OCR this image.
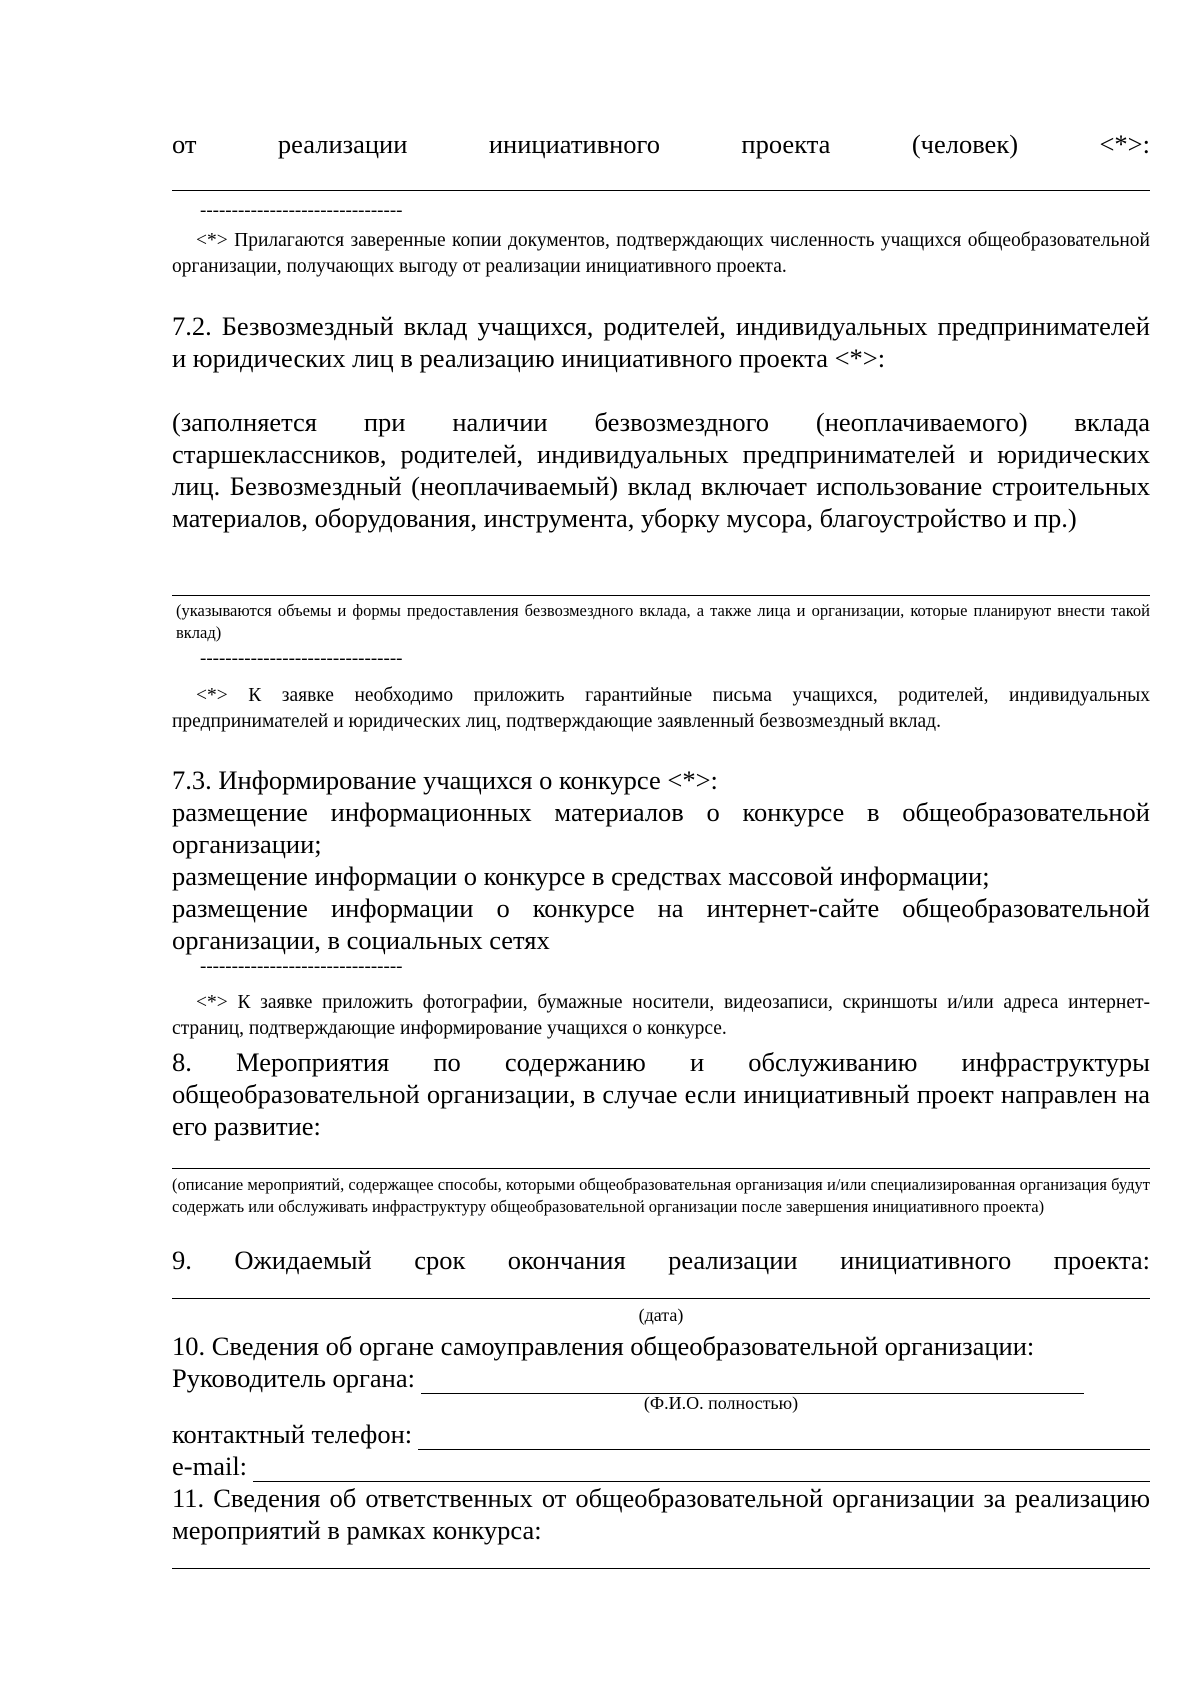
от	реализации	инициативного	проекта	(человек)	<*>:

--------------------------------

<*> Прилагаются заверенные копии документов, подтверждающих численность учащихся общеобразовательной организации, получающих выгоду от реализации инициативного проекта.

7.2. Безвозмездный вклад учащихся, родителей, индивидуальных предпринимателей и юридических лиц в реализацию инициативного проекта <*>:

(заполняется при наличии безвозмездного (неоплачиваемого) вклада старшеклассников, родителей, индивидуальных предпринимателей и юридических лиц. Безвозмездный (неоплачиваемый) вклад включает использование строительных материалов, оборудования, инструмента, уборку мусора, благоустройство и пр.)

(указываются объемы и формы предоставления безвозмездного вклада, а также лица и организации, которые планируют внести такой вклад)

--------------------------------

<*> К заявке необходимо приложить гарантийные письма учащихся, родителей, индивидуальных предпринимателей и юридических лиц, подтверждающие заявленный безвозмездный вклад.

7.3. Информирование учащихся о конкурсе <*>:

размещение информационных материалов о конкурсе в общеобразовательной организации;

размещение информации о конкурсе в средствах массовой информации;

размещение информации о конкурсе на интернет-сайте общеобразовательной организации, в социальных сетях

--------------------------------

<*> К заявке приложить фотографии, бумажные носители, видеозаписи, скриншоты и/или адреса интернет-страниц, подтверждающие информирование учащихся о конкурсе.

8. Мероприятия по содержанию и обслуживанию инфраструктуры общеобразовательной организации, в случае если инициативный проект направлен на его развитие:

(описание мероприятий, содержащее способы, которыми общеобразовательная организация и/или специализированная организация будут содержать или обслуживать инфраструктуру общеобразовательной организации после завершения инициативного проекта)

9. Ожидаемый срок окончания реализации инициативного проекта:

(дата)

10. Сведения об органе самоуправления общеобразовательной организации:

Руководитель органа:

(Ф.И.О. полностью)

контактный телефон:
e-mail:

11. Сведения об ответственных от общеобразовательной организации за реализацию мероприятий в рамках конкурса:
